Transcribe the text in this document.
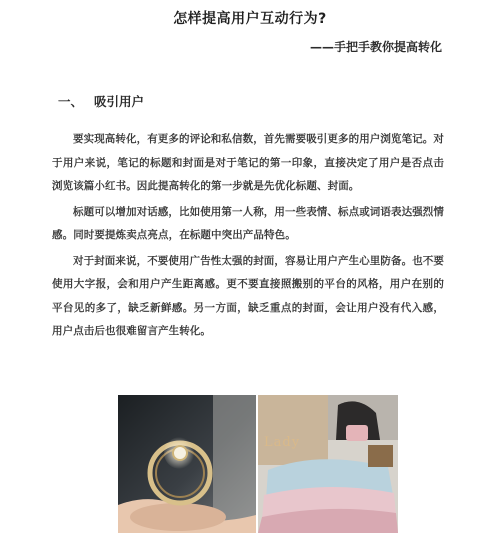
怎样提高用户互动行为?
——手把手教你提高转化
一、 吸引用户

要实现高转化，有更多的评论和私信数，首先需要吸引更多的用户浏览笔记。对于用户来说，笔记的标题和封面是对于笔记的第一印象，直接决定了用户是否点击浏览该篇小红书。因此提高转化的第一步就是先优化标题、封面。

标题可以增加对话感，比如使用第一人称，用一些表情、标点或词语表达强烈情感。同时要提炼卖点亮点，在标题中突出产品特色。

对于封面来说，不要使用广告性太强的封面，容易让用户产生心里防备。也不要使用大字报，会和用户产生距离感。更不要直接照搬别的平台的风格，用户在别的平台见的多了，缺乏新鲜感。另一方面，缺乏重点的封面，会让用户没有代入感，用户点击后也很难留言产生转化。

Lady
